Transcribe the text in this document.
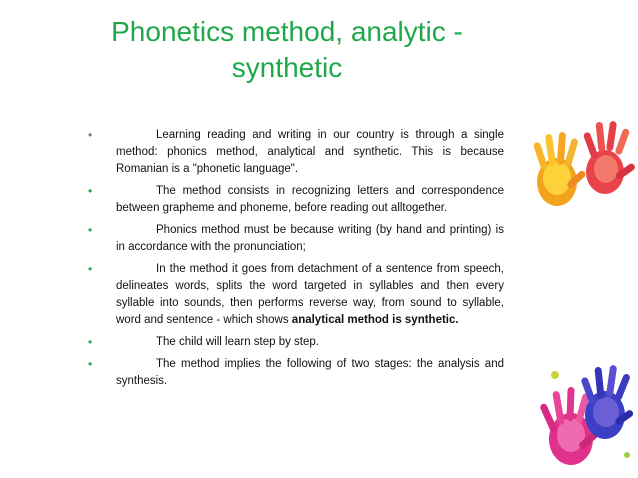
Phonetics method, analytic -
synthetic
•	Learning reading and writing in our country is through a single method: phonics method, analytical and synthetic. This is because Romanian is a "phonetic language".
•	The method consists in recognizing letters and correspondence between grapheme and phoneme, before reading out alltogether.
•	Phonics method must be because writing (by hand and printing) is in accordance with the pronunciation;
•	In the method it goes from detachment of a sentence from speech, delineates words, splits the word targeted in syllables and then every syllable into sounds, then performs reverse way, from sound to syllable, word and sentence - which shows analytical method is synthetic.
•	The child will learn step by step.
•	The method implies the following of two stages: the analysis and synthesis.
